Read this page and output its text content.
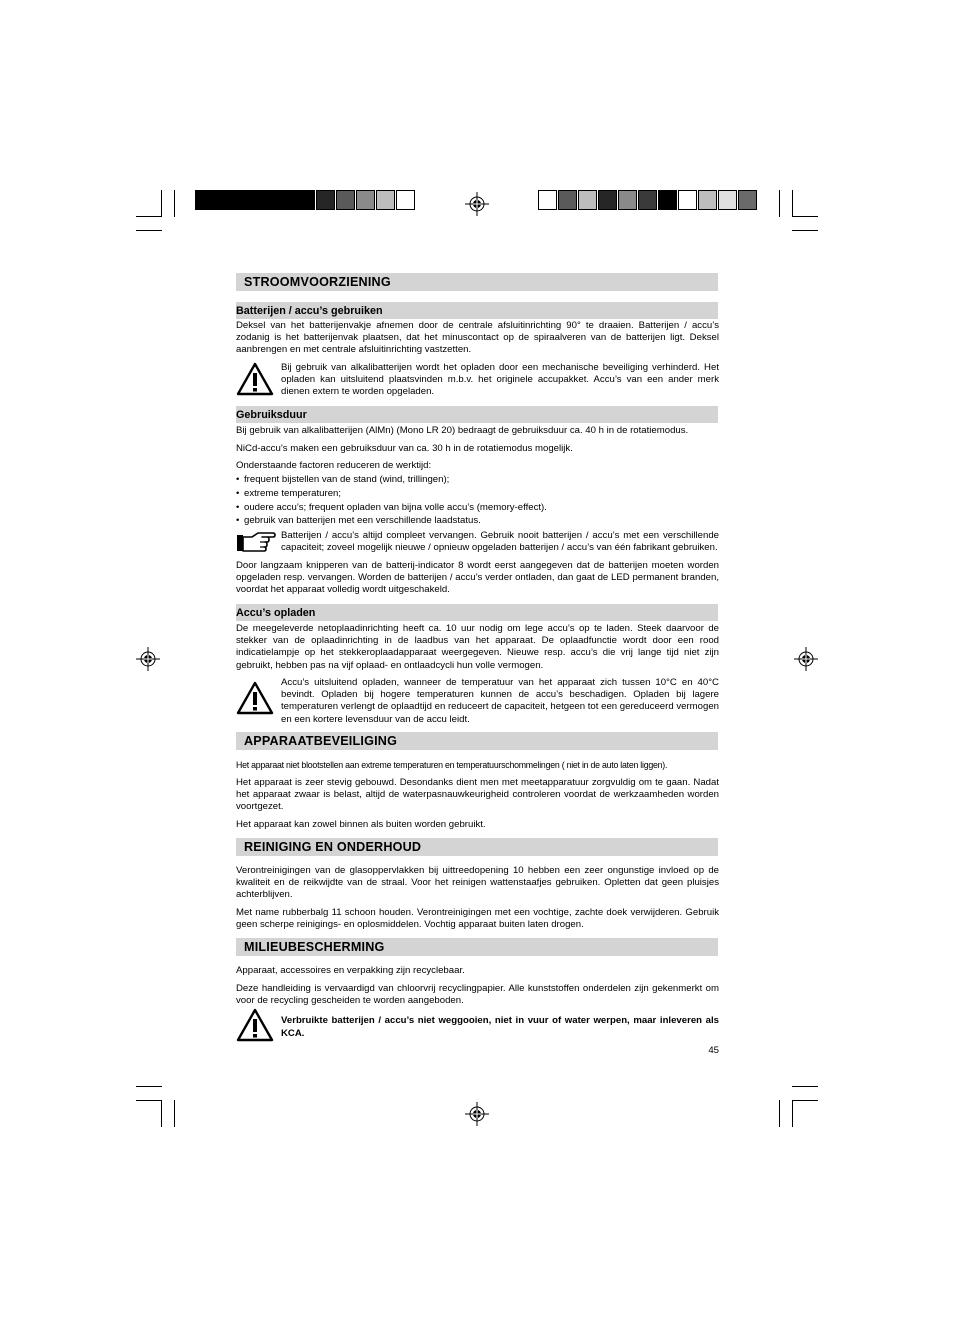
STROOMVOORZIENING
Batterijen / accu’s gebruiken

Deksel van het batterijenvakje afnemen door de centrale afsluitinrichting 90° te draaien. Batterijen / accu’s zodanig is het batterijenvak plaatsen, dat het minuscontact op de spiraalveren van de batterijen ligt. Deksel aanbrengen en met centrale afsluitinrichting vastzetten.

Bij gebruik van alkalibatterijen wordt het opladen door een mechanische beveiliging verhinderd. Het opladen kan uitsluitend plaatsvinden m.b.v. het originele accupakket. Accu’s van een ander merk dienen extern te worden opgeladen.

Gebruiksduur

Bij gebruik van alkalibatterijen (AlMn) (Mono LR 20) bedraagt de gebruiksduur ca. 40 h in de rotatiemodus.

NiCd-accu’s maken een gebruiksduur van ca. 30 h in de rotatiemodus mogelijk.

Onderstaande factoren reduceren de werktijd:

• frequent bijstellen van de stand (wind, trillingen);
• extreme temperaturen;
• oudere accu’s; frequent opladen van bijna volle accu’s (memory-effect).
• gebruik van batterijen met een verschillende laadstatus.

Batterijen / accu’s altijd compleet vervangen. Gebruik nooit batterijen / accu’s met een verschillende capaciteit; zoveel mogelijk nieuwe / opnieuw opgeladen batterijen / accu’s van één fabrikant gebruiken.

Door langzaam knipperen van de batterij-indicator 8 wordt eerst aangegeven dat de batterijen moeten worden opgeladen resp. vervangen. Worden de batterijen / accu’s verder ontladen, dan gaat de LED permanent branden, voordat het apparaat volledig wordt uitgeschakeld.

Accu’s opladen

De meegeleverde netoplaadinrichting heeft ca. 10 uur nodig om lege accu’s op te laden. Steek daarvoor de stekker van de oplaadinrichting in de laadbus van het apparaat. De oplaadfunctie wordt door een rood indicatielampje op het stekkeroplaadapparaat weergegeven. Nieuwe resp. accu’s die vrij lange tijd niet zijn gebruikt, hebben pas na vijf oplaad- en ontlaadcycli hun volle vermogen.

Accu’s uitsluitend opladen, wanneer de temperatuur van het apparaat zich tussen 10°C en 40°C bevindt. Opladen bij hogere temperaturen kunnen de accu’s beschadigen. Opladen bij lagere temperaturen verlengt de oplaadtijd en reduceert de capaciteit, hetgeen tot een gereduceerd vermogen en een kortere levensduur van de accu leidt.

APPARAATBEVEILIGING

Het apparaat niet blootstellen aan extreme temperaturen en temperatuurschommelingen ( niet in de auto laten liggen).

Het apparaat is zeer stevig gebouwd. Desondanks dient men met meetapparatuur zorgvuldig om te gaan. Nadat het apparaat zwaar is belast, altijd de waterpasnauwkeurigheid controleren voordat de werkzaamheden worden voortgezet.

Het apparaat kan zowel binnen als buiten worden gebruikt.

REINIGING EN ONDERHOUD

Verontreinigingen van de glasoppervlakken bij uittreedopening 10 hebben een zeer ongunstige invloed op de kwaliteit en de reikwijdte van de straal. Voor het reinigen wattenstaafjes gebruiken. Opletten dat geen pluisjes achterblijven.

Met name rubberbalg 11 schoon houden. Verontreinigingen met een vochtige, zachte doek verwijderen. Gebruik geen scherpe reinigings- en oplosmiddelen. Vochtig apparaat buiten laten drogen.

MILIEUBESCHERMING

Apparaat, accessoires en verpakking zijn recyclebaar.

Deze handleiding is vervaardigd van chloorvrij recyclingpapier. Alle kunststoffen onderdelen zijn gekenmerkt om voor de recycling gescheiden te worden aangeboden.

Verbruikte batterijen / accu’s niet weggooien, niet in vuur of water werpen, maar inleveren als KCA.

45
